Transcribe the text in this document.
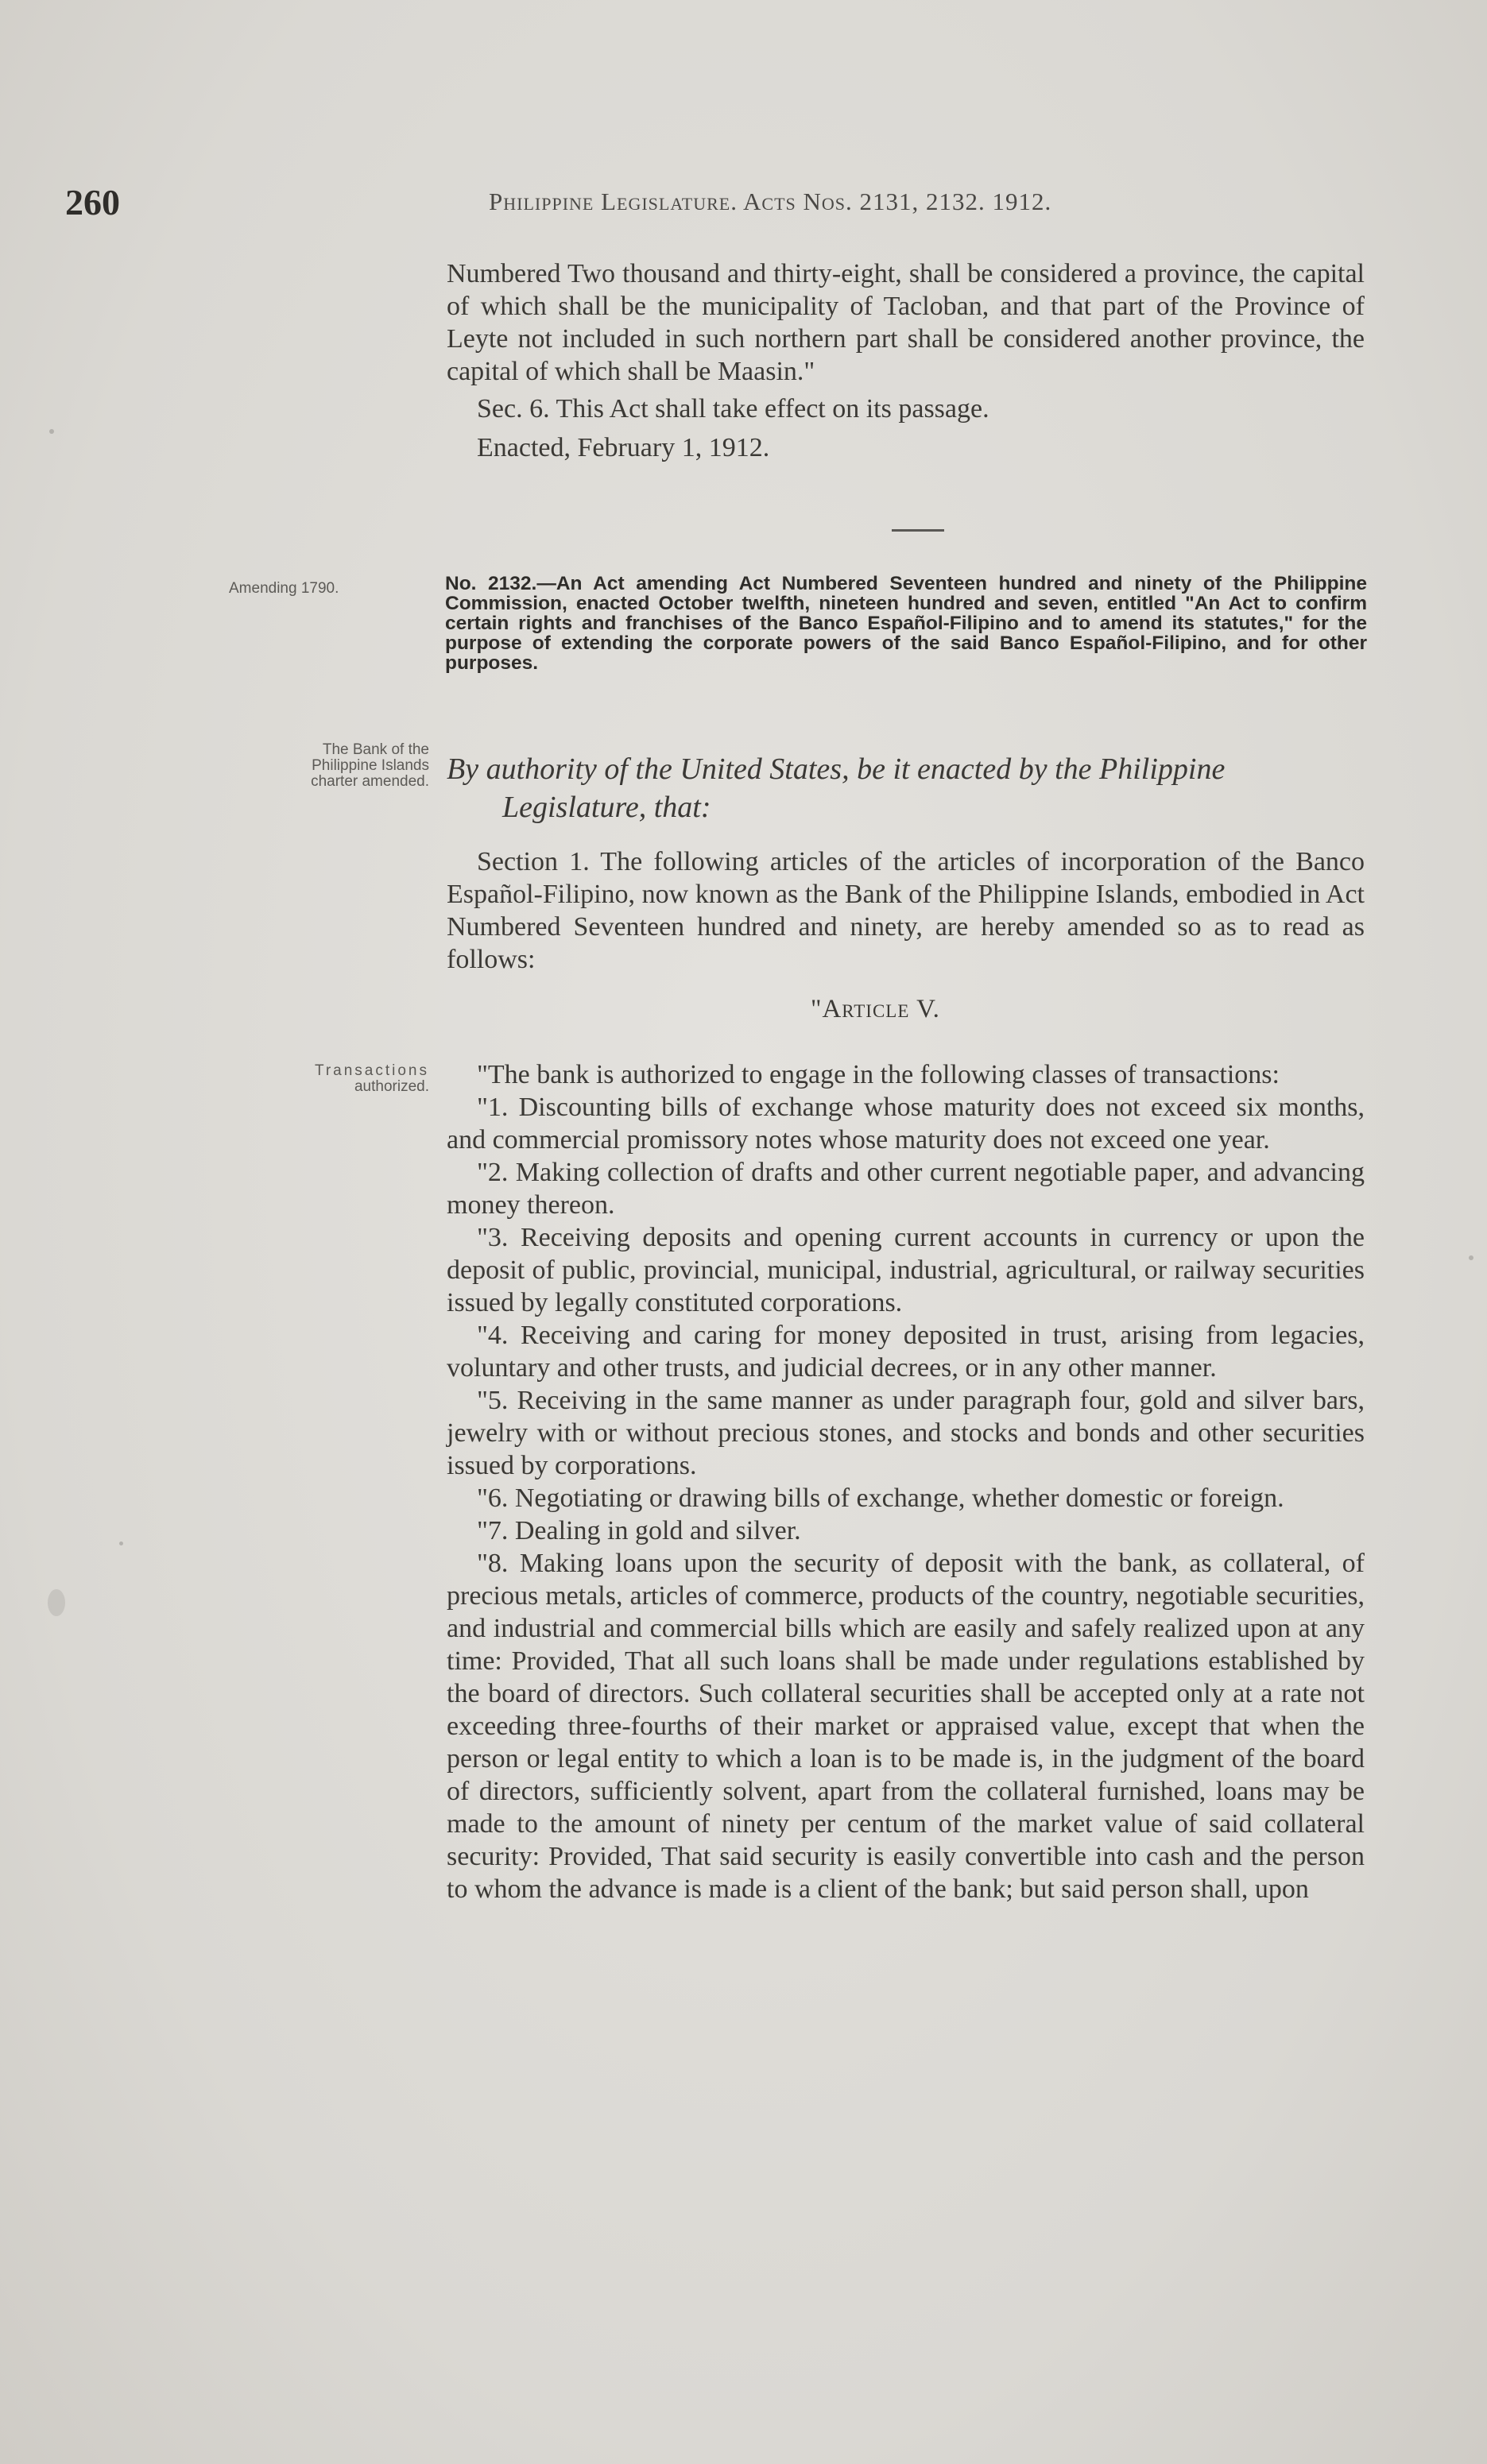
260	Philippine Legislature. Acts Nos. 2131, 2132. 1912.

Numbered Two thousand and thirty-eight, shall be considered a province, the capital of which shall be the municipality of Tacloban, and that part of the Province of Leyte not included in such northern part shall be considered another province, the capital of which shall be Maasin."

Sec. 6. This Act shall take effect on its passage.

Enacted, February 1, 1912.

Amending 1790.
The Bank of the
Philippine Islands
charter amended.
Transactions
authorized.
No. 2132.—An Act amending Act Numbered Seventeen hundred and ninety of the Philippine Commission, enacted October twelfth, nineteen hundred and seven, entitled "An Act to confirm certain rights and franchises of the Banco Español-Filipino and to amend its statutes," for the purpose of extending the corporate powers of the said Banco Español-Filipino, and for other purposes.
By authority of the United States, be it enacted by the Philippine
Legislature, that:

Section 1. The following articles of the articles of incorporation of the Banco Español-Filipino, now known as the Bank of the Philippine Islands, embodied in Act Numbered Seventeen hundred and ninety, are hereby amended so as to read as follows:

"Article V.

"The bank is authorized to engage in the following classes of transactions:

"1. Discounting bills of exchange whose maturity does not exceed six months, and commercial promissory notes whose maturity does not exceed one year.

"2. Making collection of drafts and other current negotiable paper, and advancing money thereon.

"3. Receiving deposits and opening current accounts in currency or upon the deposit of public, provincial, municipal, industrial, agricultural, or railway securities issued by legally constituted corporations.

"4. Receiving and caring for money deposited in trust, arising from legacies, voluntary and other trusts, and judicial decrees, or in any other manner.

"5. Receiving in the same manner as under paragraph four, gold and silver bars, jewelry with or without precious stones, and stocks and bonds and other securities issued by corporations.

"6. Negotiating or drawing bills of exchange, whether domestic or foreign.

"7. Dealing in gold and silver.

"8. Making loans upon the security of deposit with the bank, as collateral, of precious metals, articles of commerce, products of the country, negotiable securities, and industrial and commercial bills which are easily and safely realized upon at any time: Provided, That all such loans shall be made under regulations established by the board of directors. Such collateral securities shall be accepted only at a rate not exceeding three-fourths of their market or appraised value, except that when the person or legal entity to which a loan is to be made is, in the judgment of the board of directors, sufficiently solvent, apart from the collateral furnished, loans may be made to the amount of ninety per centum of the market value of said collateral security: Provided, That said security is easily convertible into cash and the person to whom the advance is made is a client of the bank; but said person shall, upon
